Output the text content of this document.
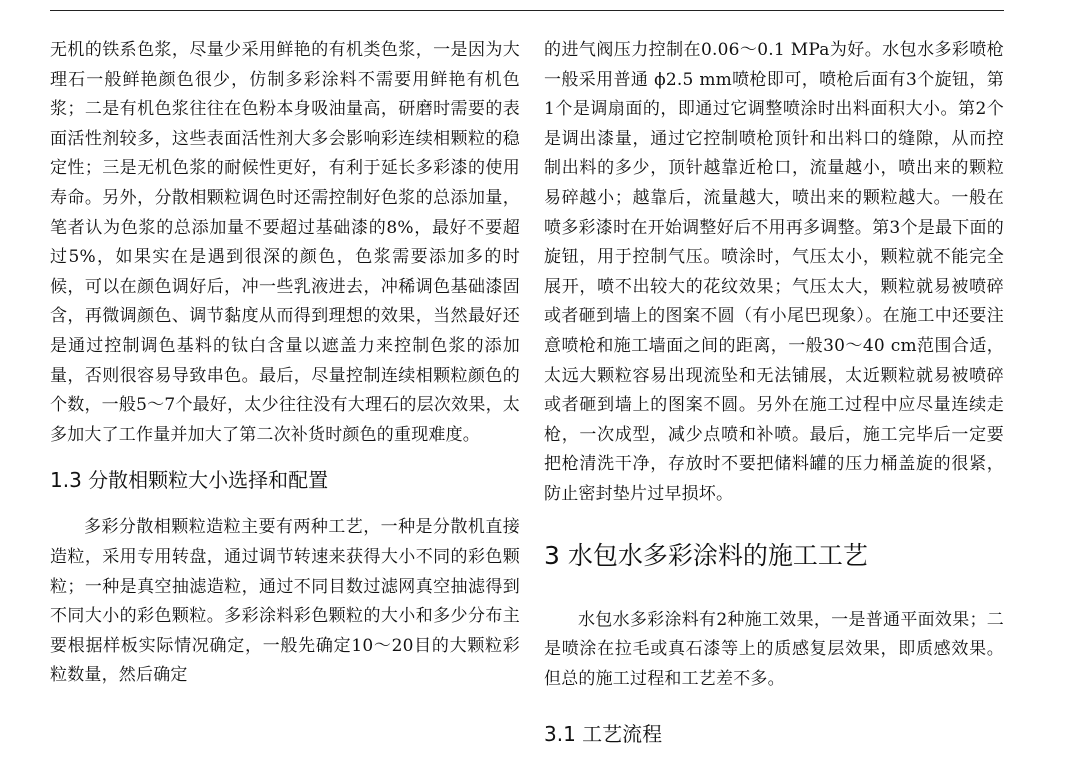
无机的铁系色浆，尽量少采用鲜艳的有机类色浆，一是因为大理石一般鲜艳颜色很少，仿制多彩涂料不需要用鲜艳有机色浆；二是有机色浆往往在色粉本身吸油量高，研磨时需要的表面活性剂较多，这些表面活性剂大多会影响彩连续相颗粒的稳定性；三是无机色浆的耐候性更好，有利于延长多彩漆的使用寿命。另外，分散相颗粒调色时还需控制好色浆的总添加量，笔者认为色浆的总添加量不要超过基础漆的8%，最好不要超过5%，如果实在是遇到很深的颜色，色浆需要添加多的时候，可以在颜色调好后，冲一些乳液进去，冲稀调色基础漆固含，再微调颜色、调节黏度从而得到理想的效果，当然最好还是通过控制调色基料的钛白含量以遮盖力来控制色浆的添加量，否则很容易导致串色。最后，尽量控制连续相颗粒颜色的个数，一般5～7个最好，太少往往没有大理石的层次效果，太多加大了工作量并加大了第二次补货时颜色的重现难度。

1.3 分散相颗粒大小选择和配置

多彩分散相颗粒造粒主要有两种工艺，一种是分散机直接造粒，采用专用转盘，通过调节转速来获得大小不同的彩色颗粒；一种是真空抽滤造粒，通过不同目数过滤网真空抽滤得到不同大小的彩色颗粒。多彩涂料彩色颗粒的大小和多少分布主要根据样板实际情况确定，一般先确定10～20目的大颗粒彩粒数量，然后确定

的进气阀压力控制在0.06～0.1 MPa为好。水包水多彩喷枪一般采用普通 ϕ2.5 mm喷枪即可，喷枪后面有3个旋钮，第1个是调扇面的，即通过它调整喷涂时出料面积大小。第2个是调出漆量，通过它控制喷枪顶针和出料口的缝隙，从而控制出料的多少，顶针越靠近枪口，流量越小，喷出来的颗粒易碎越小；越靠后，流量越大，喷出来的颗粒越大。一般在喷多彩漆时在开始调整好后不用再多调整。第3个是最下面的旋钮，用于控制气压。喷涂时，气压太小，颗粒就不能完全展开，喷不出较大的花纹效果；气压太大，颗粒就易被喷碎或者砸到墙上的图案不圆（有小尾巴现象）。在施工中还要注意喷枪和施工墙面之间的距离，一般30～40 cm范围合适，太远大颗粒容易出现流坠和无法铺展，太近颗粒就易被喷碎或者砸到墙上的图案不圆。另外在施工过程中应尽量连续走枪，一次成型，减少点喷和补喷。最后，施工完毕后一定要把枪清洗干净，存放时不要把储料罐的压力桶盖旋的很紧，防止密封垫片过早损坏。

3 水包水多彩涂料的施工工艺

水包水多彩涂料有2种施工效果，一是普通平面效果；二是喷涂在拉毛或真石漆等上的质感复层效果，即质感效果。但总的施工过程和工艺差不多。

3.1 工艺流程
